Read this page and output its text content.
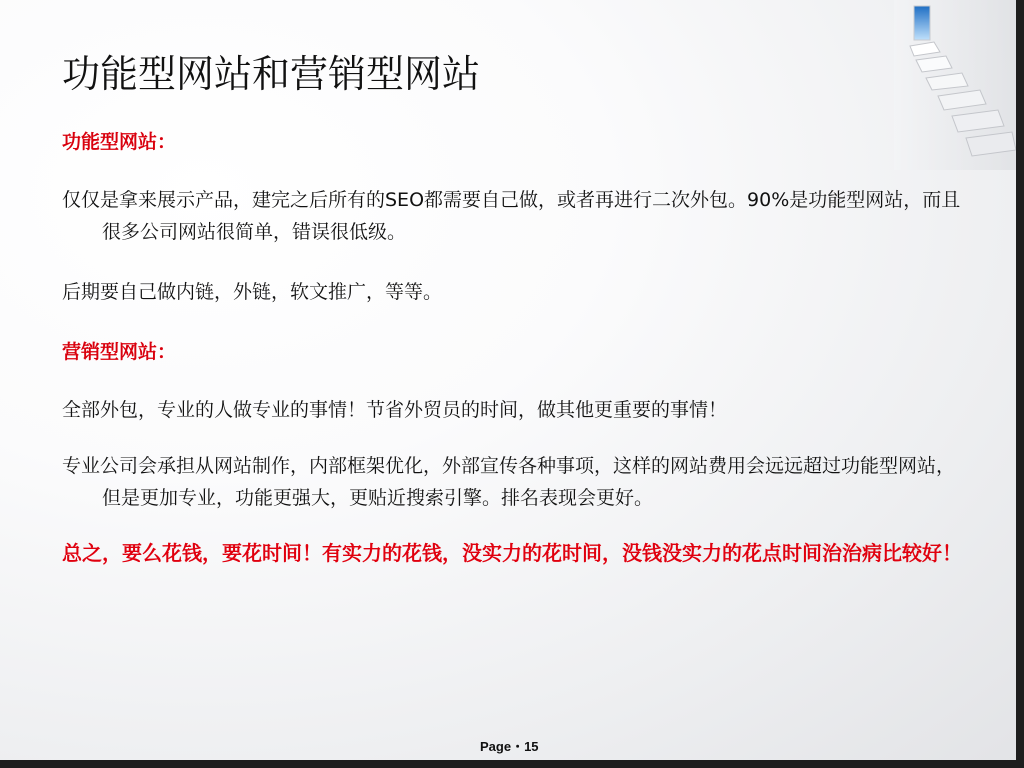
功能型网站和营销型网站

功能型网站：

仅仅是拿来展示产品，建完之后所有的SEO都需要自己做，或者再进行二次外包。90%是功能型网站，而且很多公司网站很简单，错误很低级。

后期要自己做内链，外链，软文推广，等等。

营销型网站：

全部外包，专业的人做专业的事情！节省外贸员的时间，做其他更重要的事情！

专业公司会承担从网站制作，内部框架优化，外部宣传各种事项，这样的网站费用会远远超过功能型网站，但是更加专业，功能更强大，更贴近搜索引擎。排名表现会更好。

总之，要么花钱，要花时间！有实力的花钱，没实力的花时间，没钱没实力的花点时间治治病比较好！

Page・15
